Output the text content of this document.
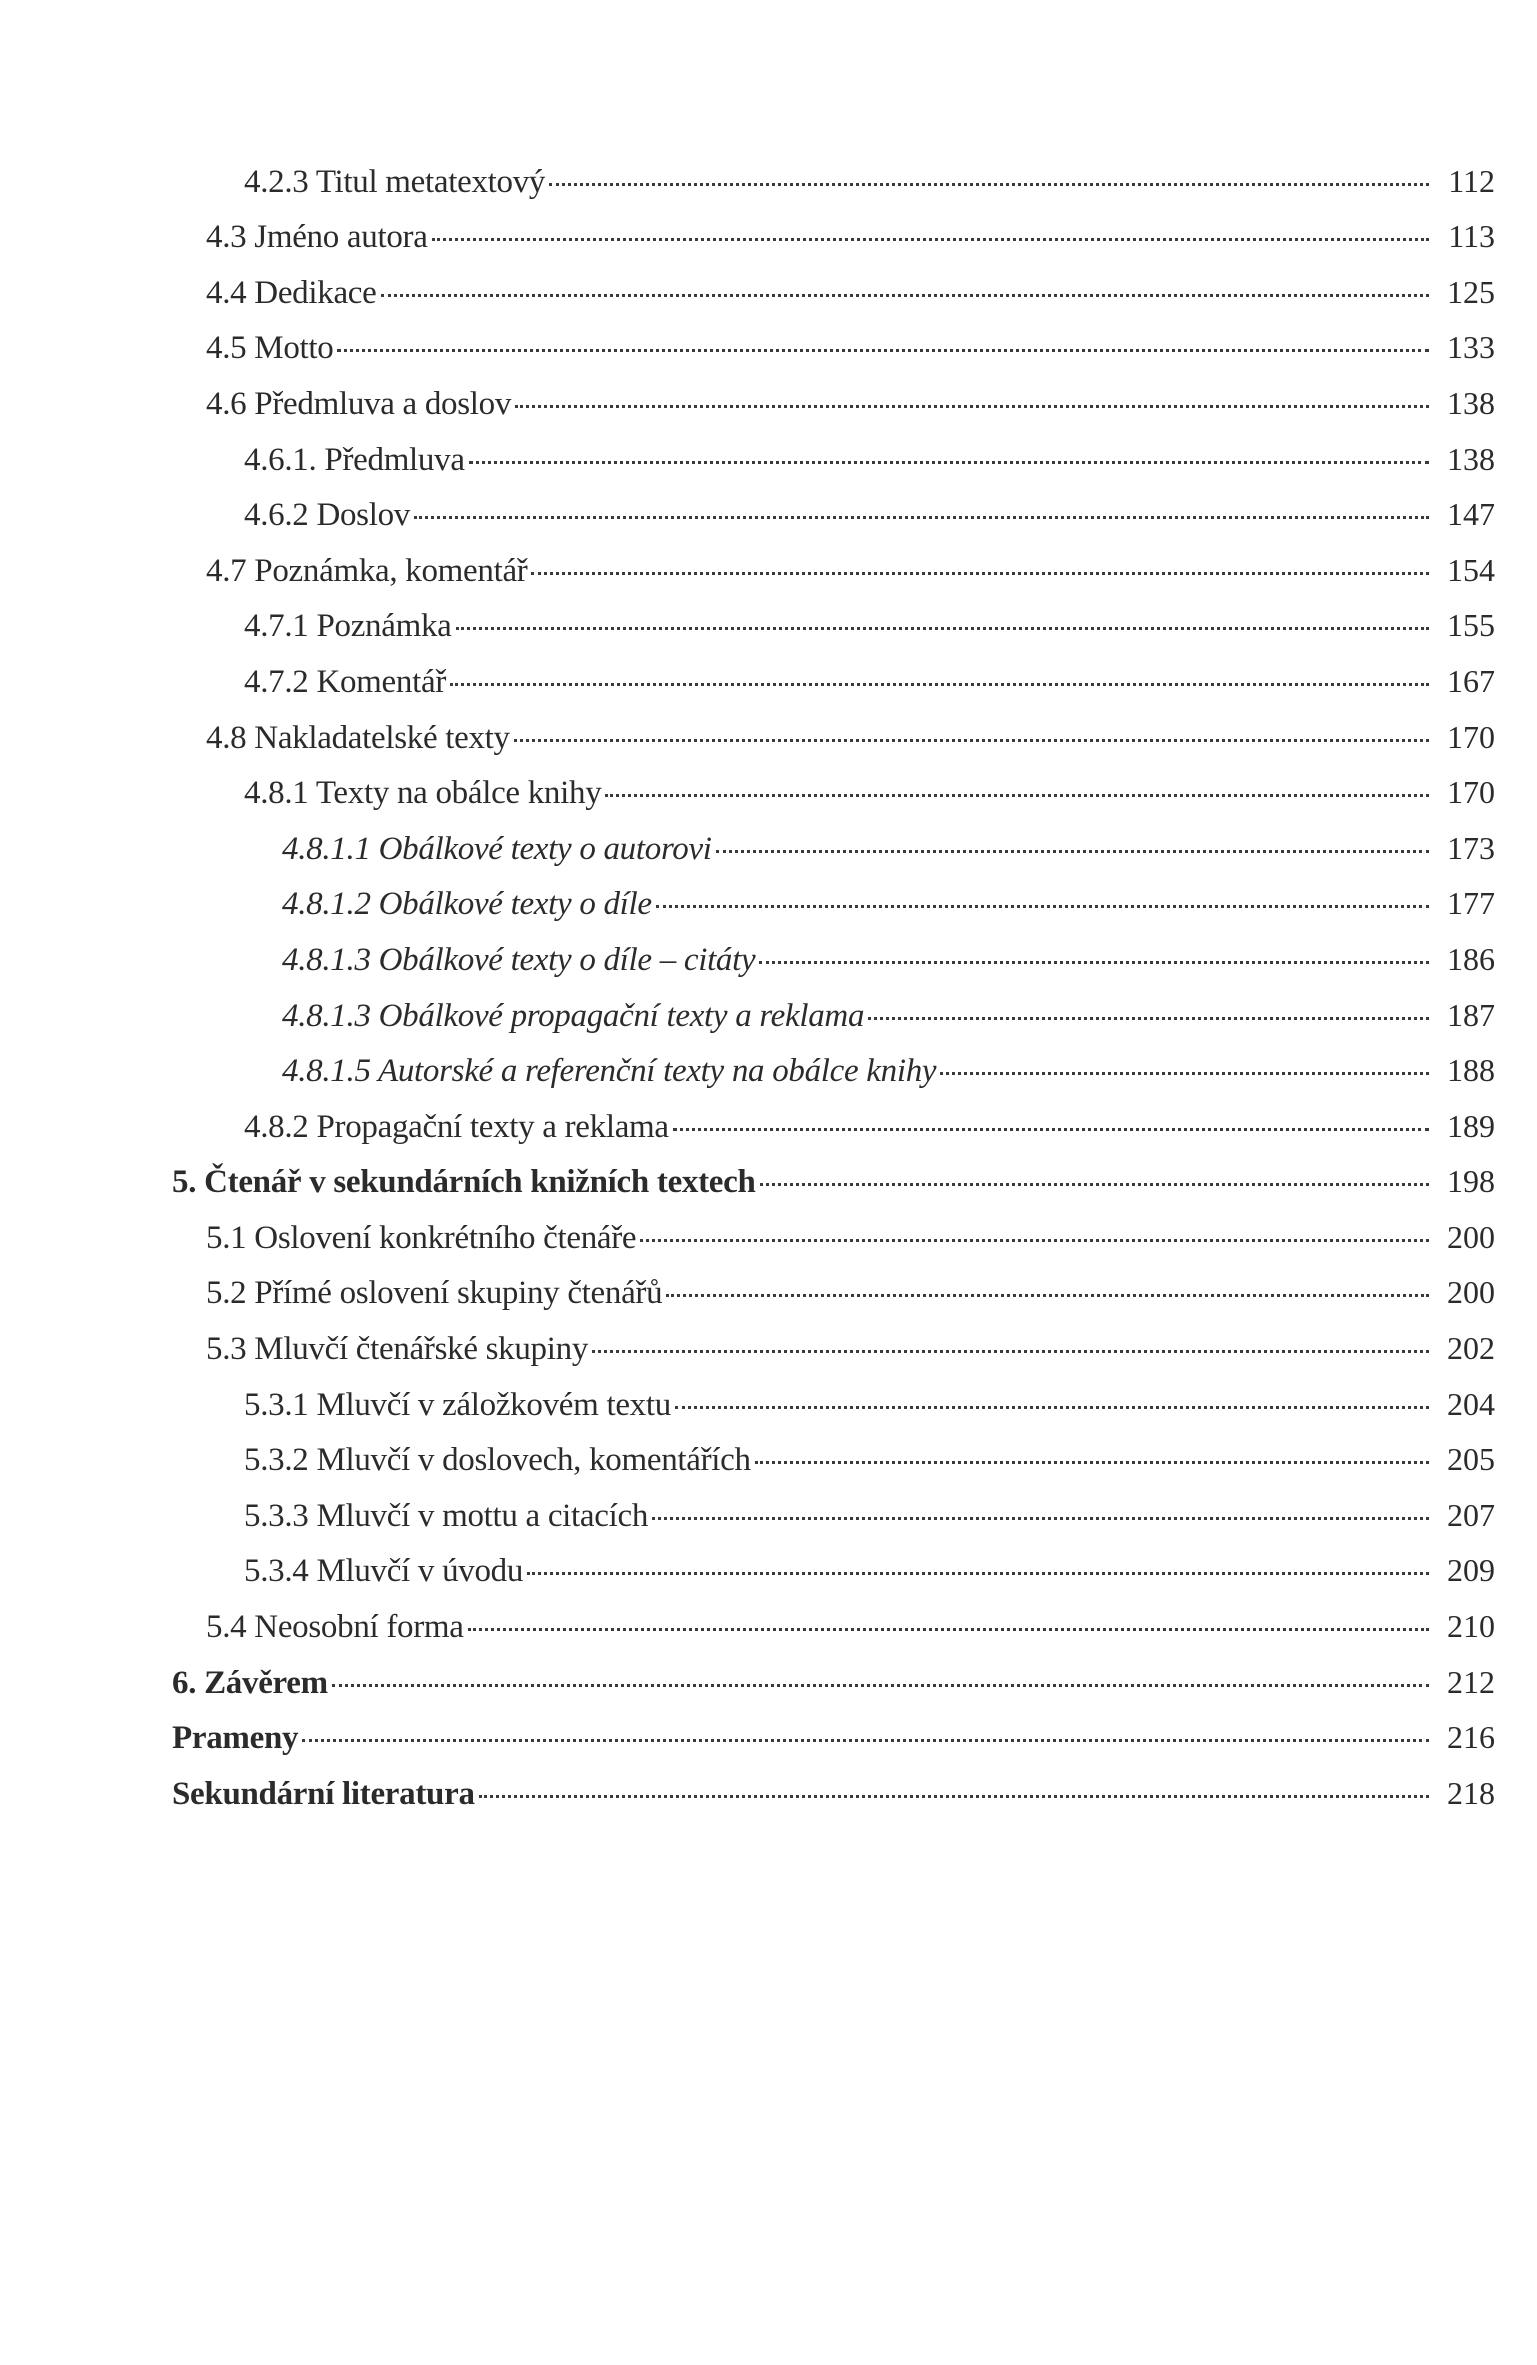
4.2.3 Titul metatextový	112
4.3 Jméno autora	113
4.4 Dedikace	125
4.5 Motto	133
4.6 Předmluva a doslov	138
4.6.1. Předmluva	138
4.6.2 Doslov	147
4.7 Poznámka, komentář	154
4.7.1 Poznámka	155
4.7.2 Komentář	167
4.8 Nakladatelské texty	170
4.8.1 Texty na obálce knihy	170
4.8.1.1 Obálkové texty o autorovi	173
4.8.1.2 Obálkové texty o díle	177
4.8.1.3 Obálkové texty o díle – citáty	186
4.8.1.3 Obálkové propagační texty a reklama	187
4.8.1.5 Autorské a referenční texty na obálce knihy	188
4.8.2 Propagační texty a reklama	189
5. Čtenář v sekundárních knižních textech	198
5.1 Oslovení konkrétního čtenáře	200
5.2 Přímé oslovení skupiny čtenářů	200
5.3 Mluvčí čtenářské skupiny	202
5.3.1 Mluvčí v záložkovém textu	204
5.3.2 Mluvčí v doslovech, komentářích	205
5.3.3 Mluvčí v mottu a citacích	207
5.3.4 Mluvčí v úvodu	209
5.4 Neosobní forma	210
6. Závěrem	212
Prameny	216
Sekundární literatura	218
